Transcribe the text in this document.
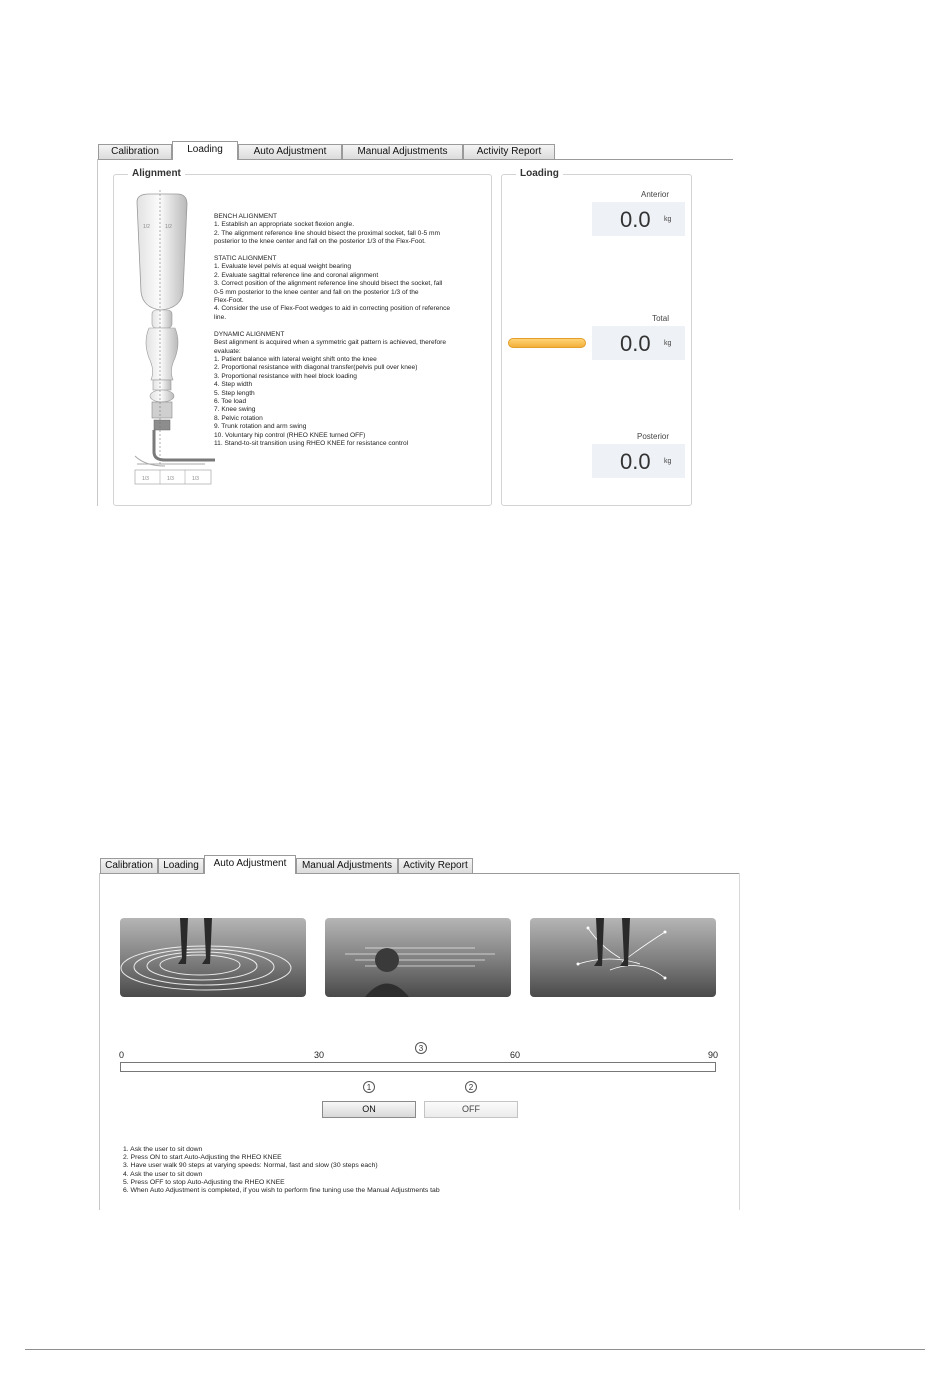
Calibration	Loading	Auto Adjustment	Manual Adjustments	Activity Report
Alignment
1/2	1/2
1/3	1/3	1/3
BENCH ALIGNMENT
1. Establish an appropriate socket flexion angle.
2. The alignment reference line should bisect the proximal socket, fall 0-5 mm
posterior to the knee center and fall on the posterior 1/3 of the Flex-Foot.

STATIC ALIGNMENT
1. Evaluate level pelvis at equal weight bearing
2. Evaluate sagittal reference line and coronal alignment
3. Correct position of the alignment reference line should bisect the socket, fall
0-5 mm posterior to the knee center and fall on the posterior 1/3 of the
Flex-Foot.
4. Consider the use of Flex-Foot wedges to aid in correcting position of reference
line.

DYNAMIC ALIGNMENT
Best alignment is acquired when a symmetric gait pattern is achieved, therefore
evaluate:
1. Patient balance with lateral weight shift onto the knee
2. Proportional resistance with diagonal transfer(pelvis pull over knee)
3. Proportional resistance with heel block loading
4. Step width
5. Step length
6. Toe load
7. Knee swing
8. Pelvic rotation
9. Trunk rotation and arm swing
10. Voluntary hip control (RHEO KNEE turned OFF)
11. Stand-to-sit transition using RHEO KNEE for resistance control
Loading
Anterior
0.0 kg
Total
0.0 kg
Posterior
0.0 kg
Calibration	Loading	Auto Adjustment	Manual Adjustments	Activity Report
0	30	60	90
3
1	2
ON	OFF
1. Ask the user to sit down
2. Press ON to start Auto-Adjusting the RHEO KNEE
3. Have user walk 90 steps at varying speeds: Normal, fast and slow (30 steps each)
4. Ask the user to sit down
5. Press OFF to stop Auto-Adjusting the RHEO KNEE
6. When Auto Adjustment is completed, if you wish to perform fine tuning use the Manual Adjustments tab
